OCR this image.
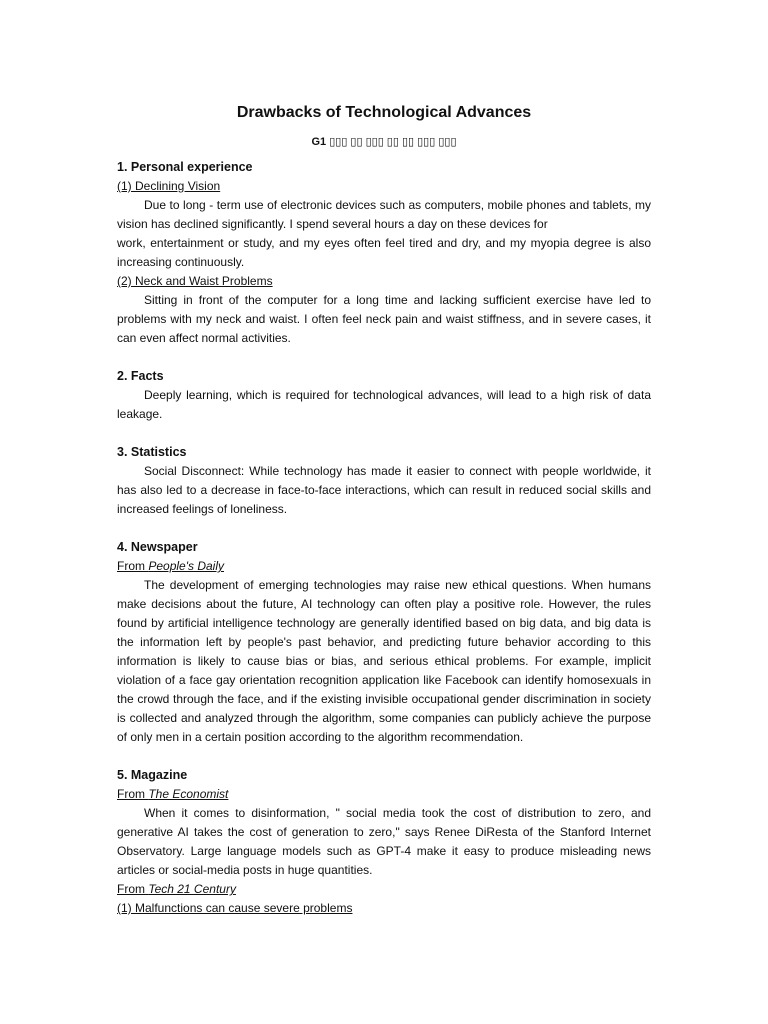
Drawbacks of Technological Advances
G1 ▯▯▯ ▯▯ ▯▯▯ ▯▯ ▯▯ ▯▯▯ ▯▯▯
1. Personal experience
(1) Declining Vision
Due to long - term use of electronic devices such as computers, mobile phones and tablets, my vision has declined significantly. I spend several hours a day on these devices for
work, entertainment or study, and my eyes often feel tired and dry, and my myopia degree is also increasing continuously.
(2) Neck and Waist Problems
Sitting in front of the computer for a long time and lacking sufficient exercise have led to problems with my neck and waist. I often feel neck pain and waist stiffness, and in severe cases, it can even affect normal activities.
2. Facts
Deeply learning, which is required for technological advances, will lead to a high risk of data leakage.
3. Statistics
Social Disconnect: While technology has made it easier to connect with people worldwide, it has also led to a decrease in face-to-face interactions, which can result in reduced social skills and increased feelings of loneliness.
4. Newspaper
From People's Daily
The development of emerging technologies may raise new ethical questions. When humans make decisions about the future, AI technology can often play a positive role. However, the rules found by artificial intelligence technology are generally identified based on big data, and big data is the information left by people's past behavior, and predicting future behavior according to this information is likely to cause bias or bias, and serious ethical problems. For example, implicit violation of a face gay orientation recognition application like Facebook can identify homosexuals in the crowd through the face, and if the existing invisible occupational gender discrimination in society is collected and analyzed through the algorithm, some companies can publicly achieve the purpose of only men in a certain position according to the algorithm recommendation.
5. Magazine
From The Economist
When it comes to disinformation, " social media took the cost of distribution to zero, and generative AI takes the cost of generation to zero," says Renee DiResta of the Stanford Internet Observatory. Large language models such as GPT-4 make it easy to produce misleading news articles or social-media posts in huge quantities.
From Tech 21 Century
(1) Malfunctions can cause severe problems
